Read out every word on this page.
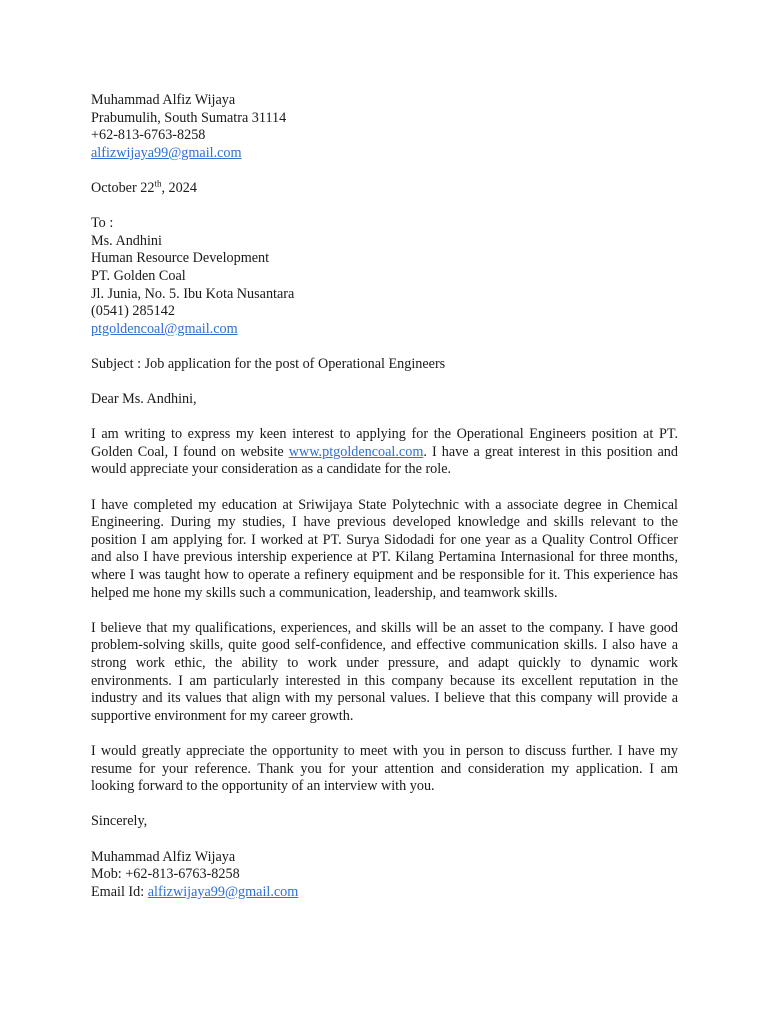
Muhammad Alfiz Wijaya
Prabumulih, South Sumatra 31114
+62-813-6763-8258
alfizwijaya99@gmail.com
October 22th, 2024
To :
Ms. Andhini
Human Resource Development
PT. Golden Coal
Jl. Junia, No. 5. Ibu Kota Nusantara
(0541) 285142
ptgoldencoal@gmail.com
Subject : Job application for the post of Operational Engineers
Dear Ms. Andhini,

I am writing to express my keen interest to applying for the Operational Engineers position at PT. Golden Coal, I found on website www.ptgoldencoal.com. I have a great interest in this position and would appreciate your consideration as a candidate for the role.

I have completed my education at Sriwijaya State Polytechnic with a associate degree in Chemical Engineering. During my studies, I have previous developed knowledge and skills relevant to the position I am applying for. I worked at PT. Surya Sidodadi for one year as a Quality Control Officer and also I have previous intership experience at PT. Kilang Pertamina Internasional for three months, where I was taught how to operate a refinery equipment and be responsible for it. This experience has helped me hone my skills such a communication, leadership, and teamwork skills.

I believe that my qualifications, experiences, and skills will be an asset to the company. I have good problem-solving skills, quite good self-confidence, and effective communication skills. I also have a strong work ethic, the ability to work under pressure, and adapt quickly to dynamic work environments. I am particularly interested in this company because its excellent reputation in the industry and its values that align with my personal values. I believe that this company will provide a supportive environment for my career growth.

I would greatly appreciate the opportunity to meet with you in person to discuss further. I have my resume for your reference. Thank you for your attention and consideration my application. I am looking forward to the opportunity of an interview with you.

Sincerely,
Muhammad Alfiz Wijaya
Mob: +62-813-6763-8258
Email Id: alfizwijaya99@gmail.com
